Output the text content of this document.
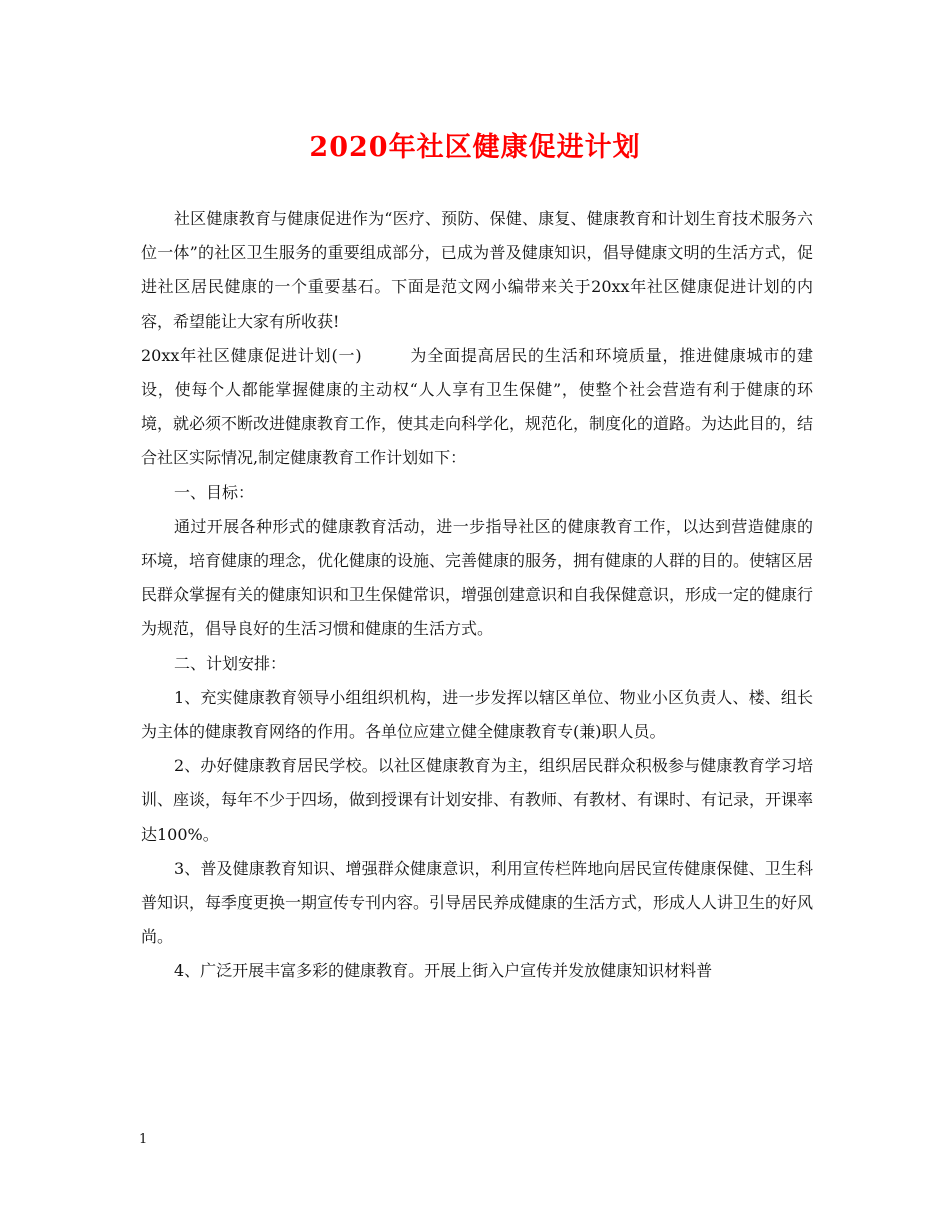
2020年社区健康促进计划

社区健康教育与健康促进作为“医疗、预防、保健、康复、健康教育和计划生育技术服务六位一体”的社区卫生服务的重要组成部分，已成为普及健康知识，倡导健康文明的生活方式，促进社区居民健康的一个重要基石。下面是范文网小编带来关于20xx年社区健康促进计划的内容，希望能让大家有所收获!

20xx年社区健康促进计划(一)	为全面提高居民的生活和环境质量，推进健康城市的建设，使每个人都能掌握健康的主动权“人人享有卫生保健”，使整个社会营造有利于健康的环境，就必须不断改进健康教育工作，使其走向科学化，规范化，制度化的道路。为达此目的，结合社区实际情况,制定健康教育工作计划如下：

一、目标：

通过开展各种形式的健康教育活动，进一步指导社区的健康教育工作，以达到营造健康的环境，培育健康的理念，优化健康的设施、完善健康的服务，拥有健康的人群的目的。使辖区居民群众掌握有关的健康知识和卫生保健常识，增强创建意识和自我保健意识，形成一定的健康行为规范，倡导良好的生活习惯和健康的生活方式。

二、计划安排：

1、充实健康教育领导小组组织机构，进一步发挥以辖区单位、物业小区负责人、楼、组长为主体的健康教育网络的作用。各单位应建立健全健康教育专(兼)职人员。

2、办好健康教育居民学校。以社区健康教育为主，组织居民群众积极参与健康教育学习培训、座谈，每年不少于四场，做到授课有计划安排、有教师、有教材、有课时、有记录，开课率达100%。

3、普及健康教育知识、增强群众健康意识，利用宣传栏阵地向居民宣传健康保健、卫生科普知识，每季度更换一期宣传专刊内容。引导居民养成健康的生活方式，形成人人讲卫生的好风尚。

4、广泛开展丰富多彩的健康教育。开展上街入户宣传并发放健康知识材料普

1
